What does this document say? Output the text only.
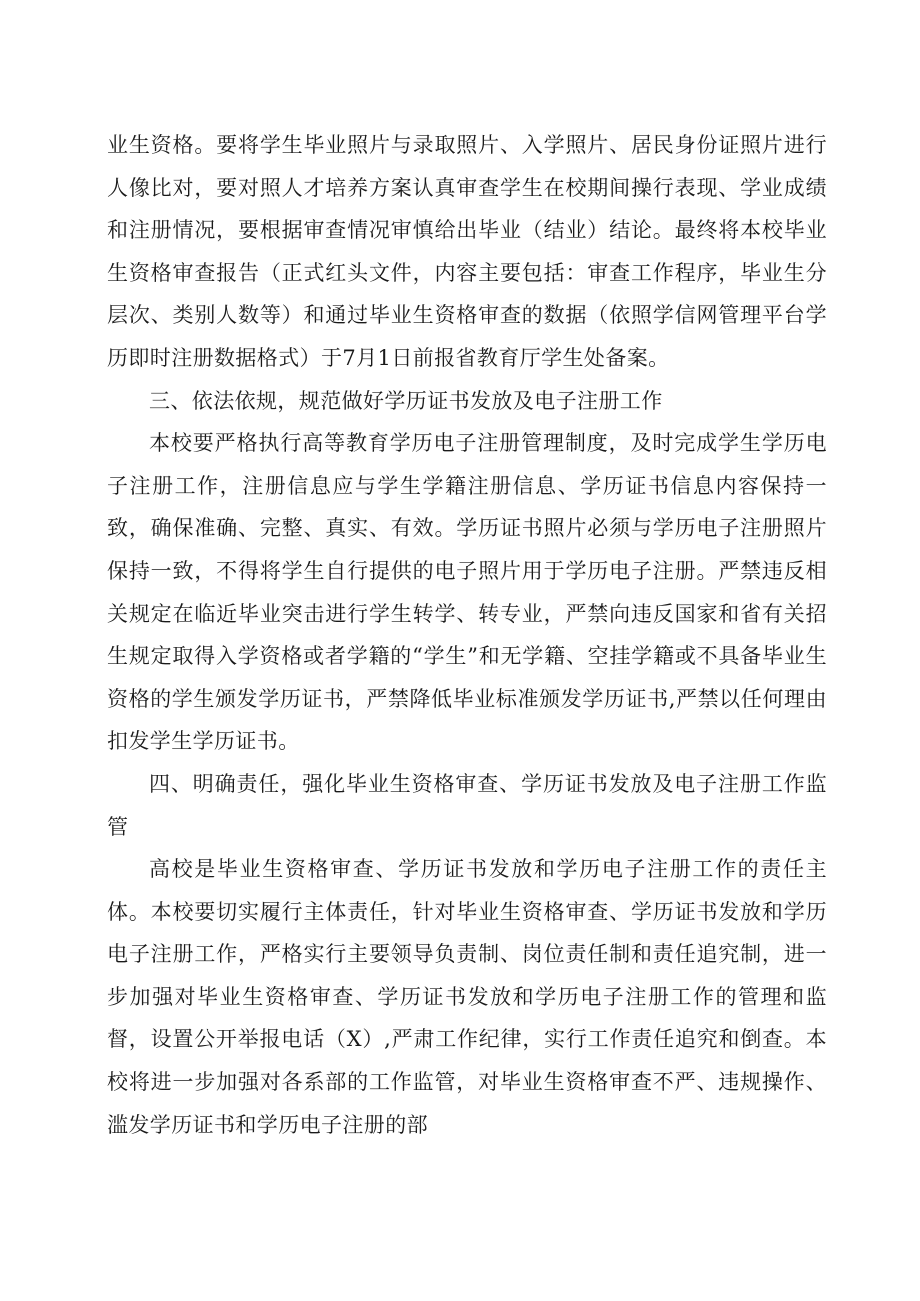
业生资格。要将学生毕业照片与录取照片、入学照片、居民身份证照片进行人像比对，要对照人才培养方案认真审查学生在校期间操行表现、学业成绩和注册情况，要根据审查情况审慎给出毕业（结业）结论。最终将本校毕业生资格审查报告（正式红头文件，内容主要包括：审查工作程序，毕业生分层次、类别人数等）和通过毕业生资格审查的数据（依照学信网管理平台学历即时注册数据格式）于7月1日前报省教育厅学生处备案。

三、依法依规，规范做好学历证书发放及电子注册工作

本校要严格执行高等教育学历电子注册管理制度，及时完成学生学历电子注册工作，注册信息应与学生学籍注册信息、学历证书信息内容保持一致，确保准确、完整、真实、有效。学历证书照片必须与学历电子注册照片保持一致，不得将学生自行提供的电子照片用于学历电子注册。严禁违反相关规定在临近毕业突击进行学生转学、转专业，严禁向违反国家和省有关招生规定取得入学资格或者学籍的“学生”和无学籍、空挂学籍或不具备毕业生资格的学生颁发学历证书，严禁降低毕业标准颁发学历证书,严禁以任何理由扣发学生学历证书。

四、明确责任，强化毕业生资格审查、学历证书发放及电子注册工作监管

高校是毕业生资格审查、学历证书发放和学历电子注册工作的责任主体。本校要切实履行主体责任，针对毕业生资格审查、学历证书发放和学历电子注册工作，严格实行主要领导负责制、岗位责任制和责任追究制，进一步加强对毕业生资格审查、学历证书发放和学历电子注册工作的管理和监督，设置公开举报电话（X）,严肃工作纪律，实行工作责任追究和倒查。本校将进一步加强对各系部的工作监管，对毕业生资格审查不严、违规操作、滥发学历证书和学历电子注册的部
